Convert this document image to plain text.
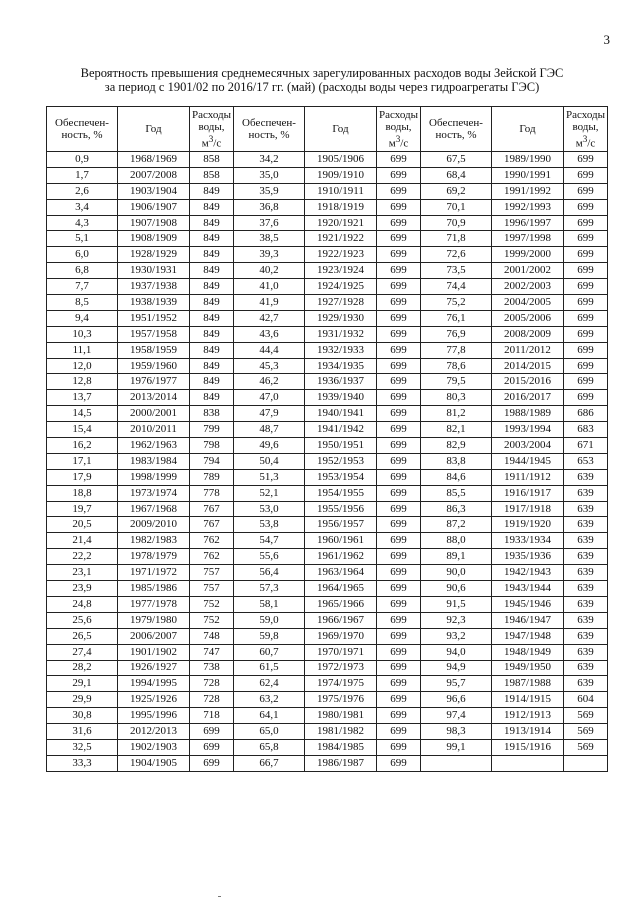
3
Вероятность превышения среднемесячных зарегулированных расходов воды Зейской ГЭС
за период с 1901/02 по 2016/17 гг. (май) (расходы воды через гидроагрегаты ГЭС)
Обеспечен-
ность, %	Год	Расходы
воды,
$м^3/с$	Обеспечен-
ность, %	Год	Расходы
воды,
$м^3/с$	Обеспечен-
ность, %	Год	Расходы
воды,
$м^3/с$
0,9	1968/1969	858	34,2	1905/1906	699	67,5	1989/1990	699
1,7	2007/2008	858	35,0	1909/1910	699	68,4	1990/1991	699
2,6	1903/1904	849	35,9	1910/1911	699	69,2	1991/1992	699
3,4	1906/1907	849	36,8	1918/1919	699	70,1	1992/1993	699
4,3	1907/1908	849	37,6	1920/1921	699	70,9	1996/1997	699
5,1	1908/1909	849	38,5	1921/1922	699	71,8	1997/1998	699
6,0	1928/1929	849	39,3	1922/1923	699	72,6	1999/2000	699
6,8	1930/1931	849	40,2	1923/1924	699	73,5	2001/2002	699
7,7	1937/1938	849	41,0	1924/1925	699	74,4	2002/2003	699
8,5	1938/1939	849	41,9	1927/1928	699	75,2	2004/2005	699
9,4	1951/1952	849	42,7	1929/1930	699	76,1	2005/2006	699
10,3	1957/1958	849	43,6	1931/1932	699	76,9	2008/2009	699
11,1	1958/1959	849	44,4	1932/1933	699	77,8	2011/2012	699
12,0	1959/1960	849	45,3	1934/1935	699	78,6	2014/2015	699
12,8	1976/1977	849	46,2	1936/1937	699	79,5	2015/2016	699
13,7	2013/2014	849	47,0	1939/1940	699	80,3	2016/2017	699
14,5	2000/2001	838	47,9	1940/1941	699	81,2	1988/1989	686
15,4	2010/2011	799	48,7	1941/1942	699	82,1	1993/1994	683
16,2	1962/1963	798	49,6	1950/1951	699	82,9	2003/2004	671
17,1	1983/1984	794	50,4	1952/1953	699	83,8	1944/1945	653
17,9	1998/1999	789	51,3	1953/1954	699	84,6	1911/1912	639
18,8	1973/1974	778	52,1	1954/1955	699	85,5	1916/1917	639
19,7	1967/1968	767	53,0	1955/1956	699	86,3	1917/1918	639
20,5	2009/2010	767	53,8	1956/1957	699	87,2	1919/1920	639
21,4	1982/1983	762	54,7	1960/1961	699	88,0	1933/1934	639
22,2	1978/1979	762	55,6	1961/1962	699	89,1	1935/1936	639
23,1	1971/1972	757	56,4	1963/1964	699	90,0	1942/1943	639
23,9	1985/1986	757	57,3	1964/1965	699	90,6	1943/1944	639
24,8	1977/1978	752	58,1	1965/1966	699	91,5	1945/1946	639
25,6	1979/1980	752	59,0	1966/1967	699	92,3	1946/1947	639
26,5	2006/2007	748	59,8	1969/1970	699	93,2	1947/1948	639
27,4	1901/1902	747	60,7	1970/1971	699	94,0	1948/1949	639
28,2	1926/1927	738	61,5	1972/1973	699	94,9	1949/1950	639
29,1	1994/1995	728	62,4	1974/1975	699	95,7	1987/1988	639
29,9	1925/1926	728	63,2	1975/1976	699	96,6	1914/1915	604
30,8	1995/1996	718	64,1	1980/1981	699	97,4	1912/1913	569
31,6	2012/2013	699	65,0	1981/1982	699	98,3	1913/1914	569
32,5	1902/1903	699	65,8	1984/1985	699	99,1	1915/1916	569
33,3	1904/1905	699	66,7	1986/1987	699			
